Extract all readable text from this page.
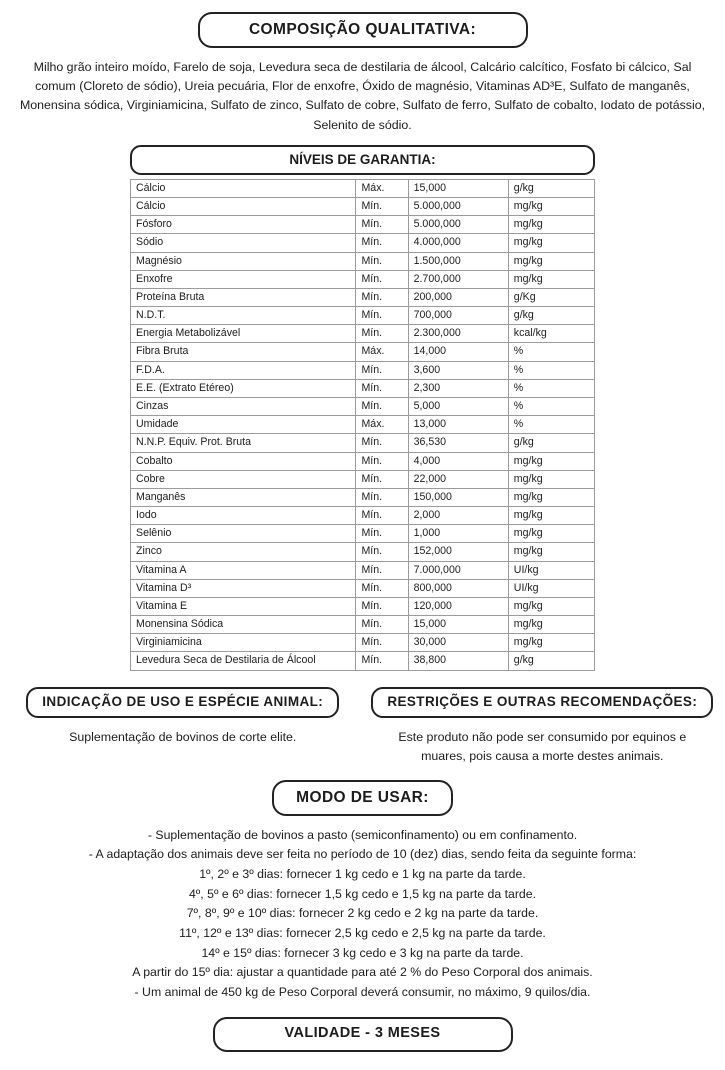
COMPOSIÇÃO QUALITATIVA:
Milho grão inteiro moído, Farelo de soja, Levedura seca de destilaria de álcool, Calcário calcítico, Fosfato bi cálcico, Sal comum (Cloreto de sódio), Ureia pecuária, Flor de enxofre, Óxido de magnésio, Vitaminas AD³E, Sulfato de manganês, Monensina sódica, Virginiamicina, Sulfato de zinco, Sulfato de cobre, Sulfato de ferro, Sulfato de cobalto, Iodato de potássio, Selenito de sódio.
NÍVEIS DE GARANTIA:
Cálcio	Máx.	15,000	g/kg
Cálcio	Mín.	5.000,000	mg/kg
Fósforo	Mín.	5.000,000	mg/kg
Sódio	Mín.	4.000,000	mg/kg
Magnésio	Mín.	1.500,000	mg/kg
Enxofre	Mín.	2.700,000	mg/kg
Proteína Bruta	Mín.	200,000	g/Kg
N.D.T.	Mín.	700,000	g/kg
Energia Metabolizável	Mín.	2.300,000	kcal/kg
Fibra Bruta	Máx.	14,000	%
F.D.A.	Mín.	3,600	%
E.E. (Extrato Etéreo)	Mín.	2,300	%
Cinzas	Mín.	5,000	%
Umidade	Máx.	13,000	%
N.N.P. Equiv. Prot. Bruta	Mín.	36,530	g/kg
Cobalto	Mín.	4,000	mg/kg
Cobre	Mín.	22,000	mg/kg
Manganês	Mín.	150,000	mg/kg
Iodo	Mín.	2,000	mg/kg
Selênio	Mín.	1,000	mg/kg
Zinco	Mín.	152,000	mg/kg
Vitamina A	Mín.	7.000,000	UI/kg
Vitamina D³	Mín.	800,000	UI/kg
Vitamina E	Mín.	120,000	mg/kg
Monensina Sódica	Mín.	15,000	mg/kg
Virginiamicina	Mín.	30,000	mg/kg
Levedura Seca de Destilaria de Álcool	Mín.	38,800	g/kg
INDICAÇÃO DE USO E ESPÉCIE ANIMAL:
Suplementação de bovinos de corte elite.
RESTRIÇÕES E OUTRAS RECOMENDAÇÕES:
Este produto não pode ser consumido por equinos e muares, pois causa a morte destes animais.
MODO DE USAR:
- Suplementação de bovinos a pasto (semiconfinamento) ou em confinamento.
- A adaptação dos animais deve ser feita no período de 10 (dez) dias, sendo feita da seguinte forma:
1º, 2º e 3º dias: fornecer 1 kg cedo e 1 kg na parte da tarde.
4º, 5º e 6º dias: fornecer 1,5 kg cedo e 1,5 kg na parte da tarde.
7º, 8º, 9º e 10º dias: fornecer 2 kg cedo e 2 kg na parte da tarde.
11º, 12º e 13º dias: fornecer 2,5 kg cedo e 2,5 kg na parte da tarde.
14º e 15º dias: fornecer 3 kg cedo e 3 kg na parte da tarde.
A partir do 15º dia: ajustar a quantidade para até 2 % do Peso Corporal dos animais.
- Um animal de 450 kg de Peso Corporal deverá consumir, no máximo, 9 quilos/dia.
VALIDADE - 3 MESES
